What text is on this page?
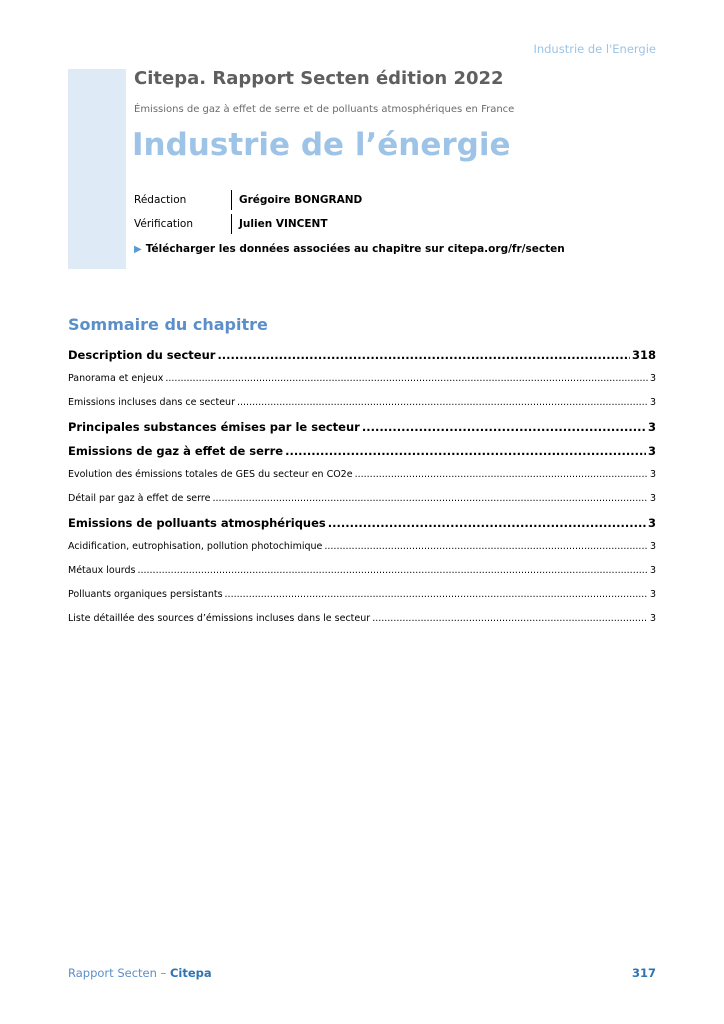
Industrie de l'Energie
Citepa. Rapport Secten édition 2022
Émissions de gaz à effet de serre et de polluants atmosphériques en France
Industrie de l’énergie
Rédaction	Grégoire BONGRAND
Vérification	Julien VINCENT
▶ Télécharger les données associées au chapitre sur citepa.org/fr/secten
Sommaire du chapitre
Description du secteur .....	318
Panorama et enjeux .....	3
Emissions incluses dans ce secteur .....	3
Principales substances émises par le secteur .....	3
Emissions de gaz à effet de serre .....	3
Evolution des émissions totales de GES du secteur en CO2e .....	3
Détail par gaz à effet de serre .....	3
Emissions de polluants atmosphériques .....	3
Acidification, eutrophisation, pollution photochimique .....	3
Métaux lourds .....	3
Polluants organiques persistants .....	3
Liste détaillée des sources d’émissions incluses dans le secteur .....	3
Rapport Secten – Citepa	317
